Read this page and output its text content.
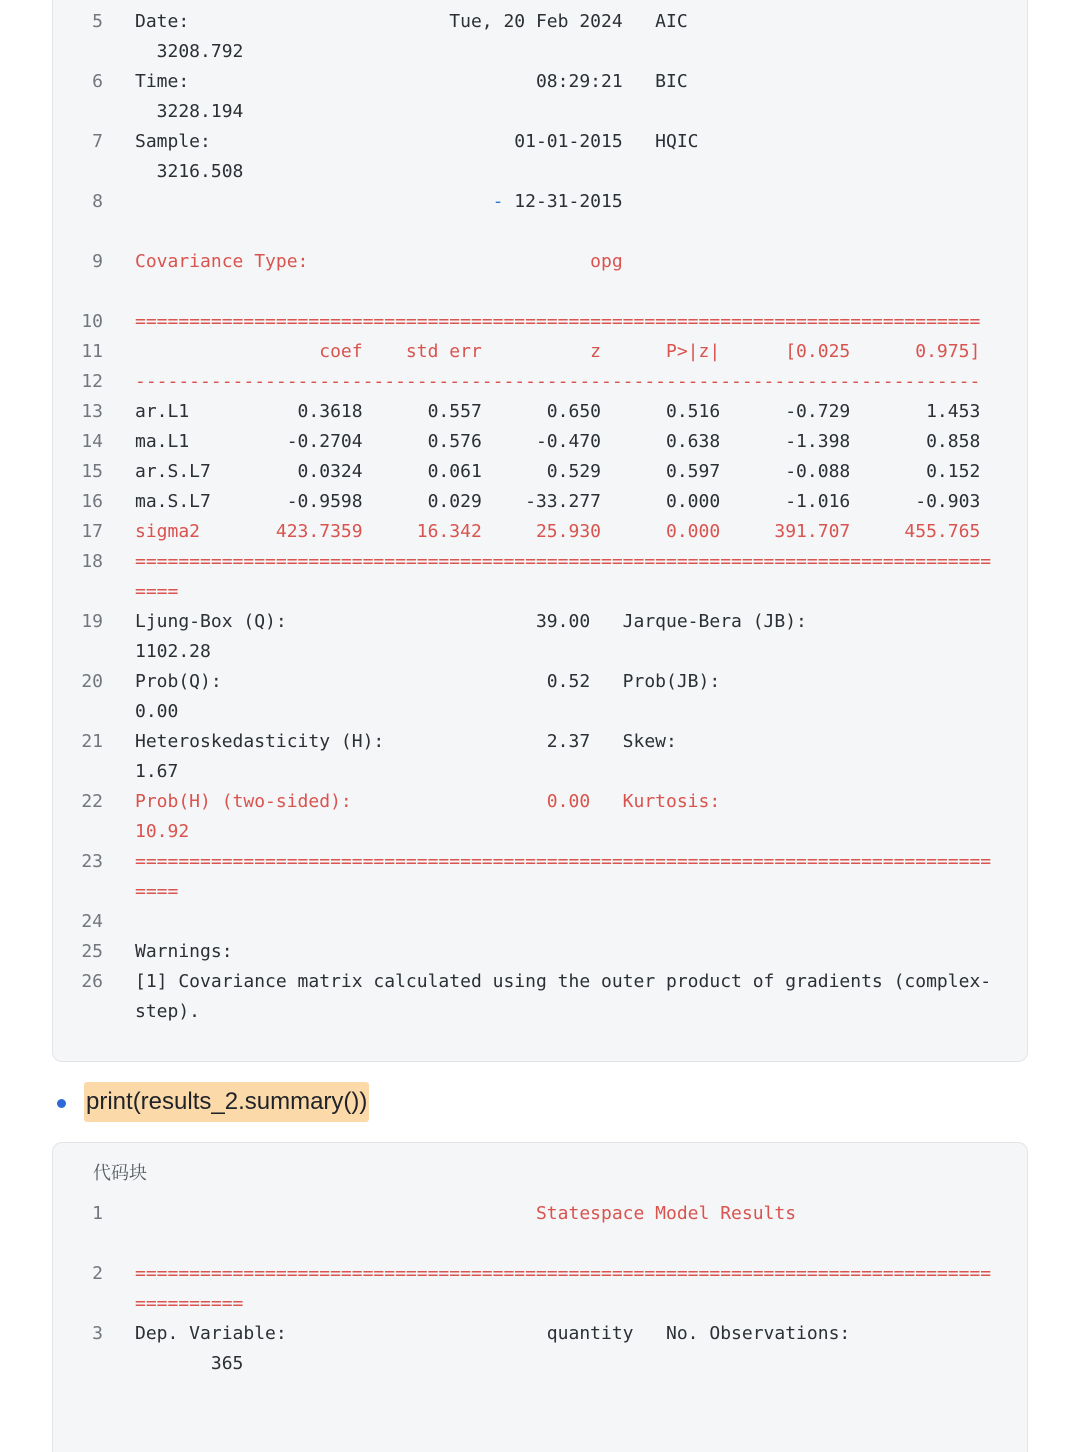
5 Date:                        Tue, 20 Feb 2024   AIC
3208.792
6 Time:                                08:29:21   BIC
3228.194
7 Sample:                            01-01-2015   HQIC
3216.508
8	- 12-31-2015
9 Covariance Type:                          opg
10 ==============================================================================
11 coef    std err          z      P>|z|      [0.025      0.975]
12 ------------------------------------------------------------------------------
13 ar.L1          0.3618      0.557      0.650      0.516      -0.729       1.453
14 ma.L1         -0.2704      0.576     -0.470      0.638      -1.398       0.858
15 ar.S.L7        0.0324      0.061      0.529      0.597      -0.088       0.152
16 ma.S.L7       -0.9598      0.029    -33.277      0.000      -1.016      -0.903
17 sigma2       423.7359     16.342     25.930      0.000     391.707     455.765
18 ===============================================================================
====
19 Ljung-Box (Q):                       39.00   Jarque-Bera (JB):
1102.28
20 Prob(Q):                              0.52   Prob(JB):
0.00
21 Heteroskedasticity (H):               2.37   Skew:
1.67
22 Prob(H) (two-sided):                  0.00   Kurtosis:
10.92
23 ===============================================================================
====
24
25 Warnings:
26 [1] Covariance matrix calculated using the outer product of gradients (complex-
step).
print(results_2.summary())
代码块
1 Statespace Model Results
2 ===============================================================================
==========
3 Dep. Variable:                        quantity   No. Observations:
365
